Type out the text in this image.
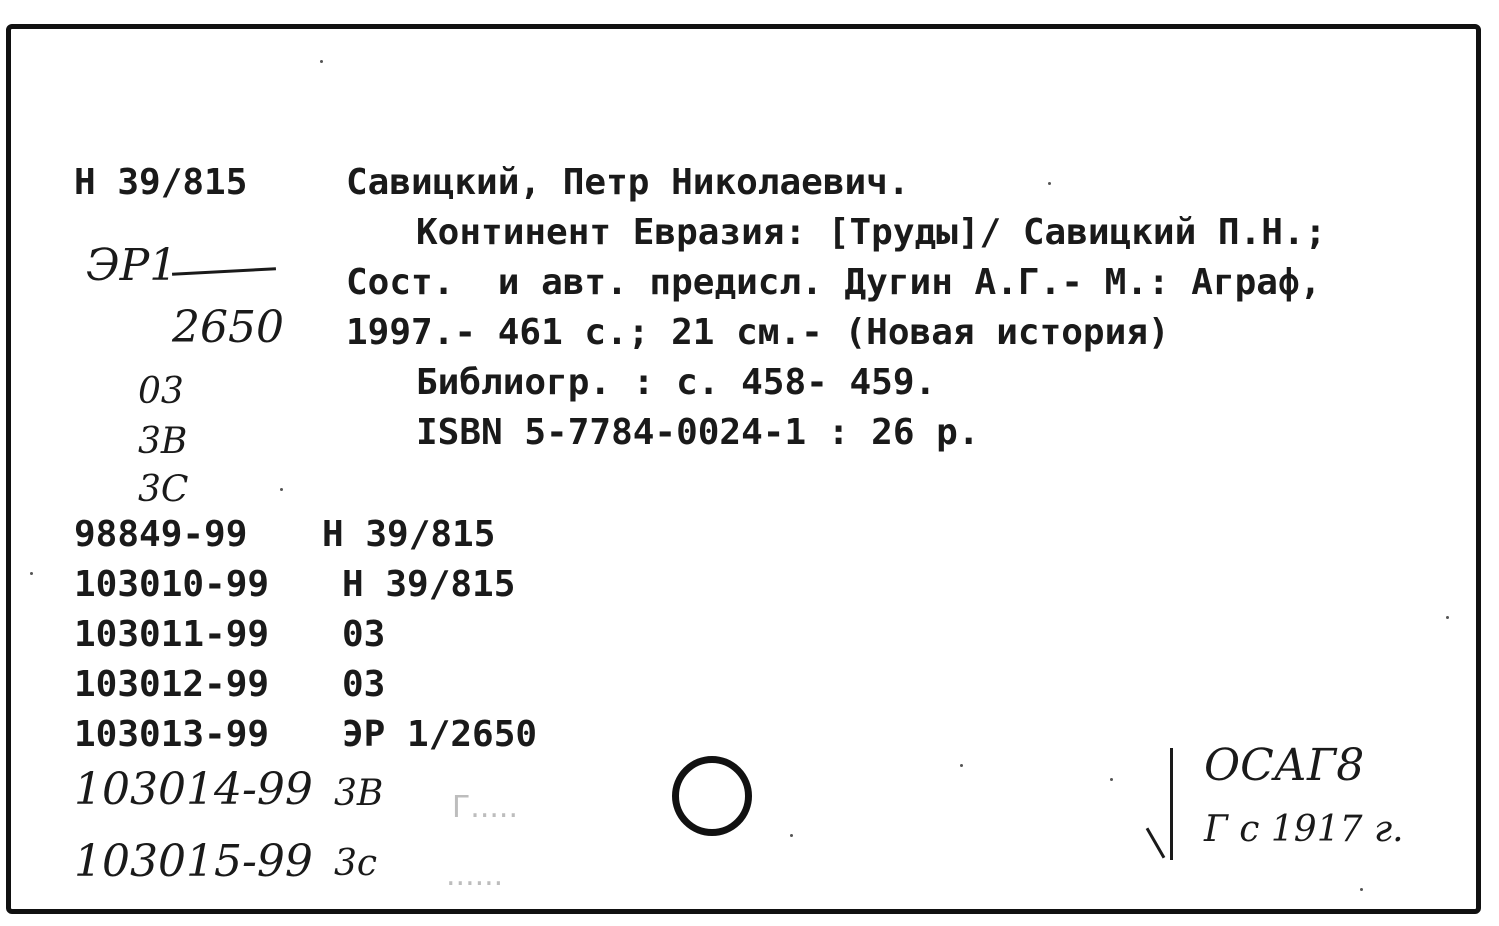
Н 39/815	Савицкий, Петр Николаевич.
Континент Евразия: [Труды]/ Савицкий П.Н.;
Сост.  и авт. предисл. Дугин А.Г.- М.: Аграф,
1997.- 461 с.; 21 см.- (Новая история)
Библиогр. : с. 458- 459.
ISBN 5-7784-0024-1 : 26 р.
ЭР1
2650
03
3В
3С
98849-99 Н 39/815
103010-99 Н 39/815
103011-99 03
103012-99 03
103013-99 ЭР 1/2650
103014-99 3В
103015-99 3с
Г.....
......
ОСАГ8
Г с 1917 г.
